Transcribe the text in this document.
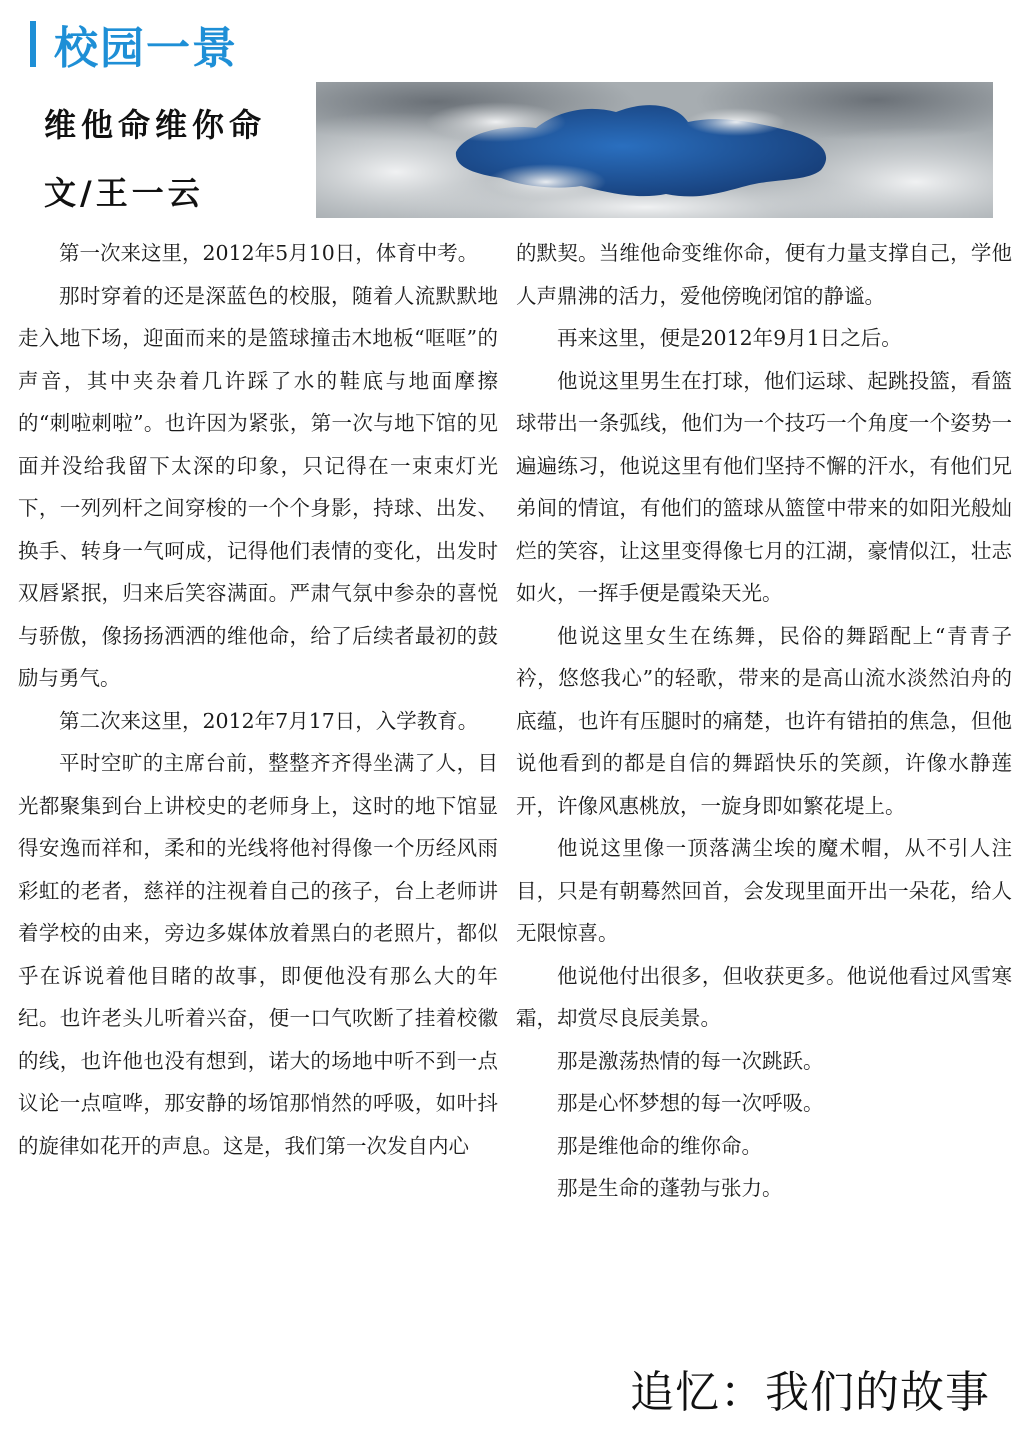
校园一景
维他命维你命
文/王一云

第一次来这里，2012年5月10日，体育中考。

那时穿着的还是深蓝色的校服，随着人流默默地走入地下场，迎面而来的是篮球撞击木地板“哐哐”的声音，其中夹杂着几许踩了水的鞋底与地面摩擦的“刺啦刺啦”。也许因为紧张，第一次与地下馆的见面并没给我留下太深的印象，只记得在一束束灯光下，一列列杆之间穿梭的一个个身影，持球、出发、换手、转身一气呵成，记得他们表情的变化，出发时双唇紧抿，归来后笑容满面。严肃气氛中参杂的喜悦与骄傲，像扬扬洒洒的维他命，给了后续者最初的鼓励与勇气。

第二次来这里，2012年7月17日，入学教育。

平时空旷的主席台前，整整齐齐得坐满了人，目光都聚集到台上讲校史的老师身上，这时的地下馆显得安逸而祥和，柔和的光线将他衬得像一个历经风雨彩虹的老者，慈祥的注视着自己的孩子，台上老师讲着学校的由来，旁边多媒体放着黑白的老照片，都似乎在诉说着他目睹的故事，即便他没有那么大的年纪。也许老头儿听着兴奋，便一口气吹断了挂着校徽的线，也许他也没有想到，诺大的场地中听不到一点议论一点喧哗，那安静的场馆那悄然的呼吸，如叶抖的旋律如花开的声息。这是，我们第一次发自内心

的默契。当维他命变维你命，便有力量支撑自己，学他人声鼎沸的活力，爱他傍晚闭馆的静谧。

再来这里，便是2012年9月1日之后。

他说这里男生在打球，他们运球、起跳投篮，看篮球带出一条弧线，他们为一个技巧一个角度一个姿势一遍遍练习，他说这里有他们坚持不懈的汗水，有他们兄弟间的情谊，有他们的篮球从篮筐中带来的如阳光般灿烂的笑容，让这里变得像七月的江湖，豪情似江，壮志如火，一挥手便是霞染天光。

他说这里女生在练舞，民俗的舞蹈配上“青青子衿，悠悠我心”的轻歌，带来的是高山流水淡然泊舟的底蕴，也许有压腿时的痛楚，也许有错拍的焦急，但他说他看到的都是自信的舞蹈快乐的笑颜，许像水静莲开，许像风惠桃放，一旋身即如繁花堤上。

他说这里像一顶落满尘埃的魔术帽，从不引人注目，只是有朝蓦然回首，会发现里面开出一朵花，给人无限惊喜。

他说他付出很多，但收获更多。他说他看过风雪寒霜，却赏尽良辰美景。

那是激荡热情的每一次跳跃。

那是心怀梦想的每一次呼吸。

那是维他命的维你命。

那是生命的蓬勃与张力。

追忆：我们的故事
